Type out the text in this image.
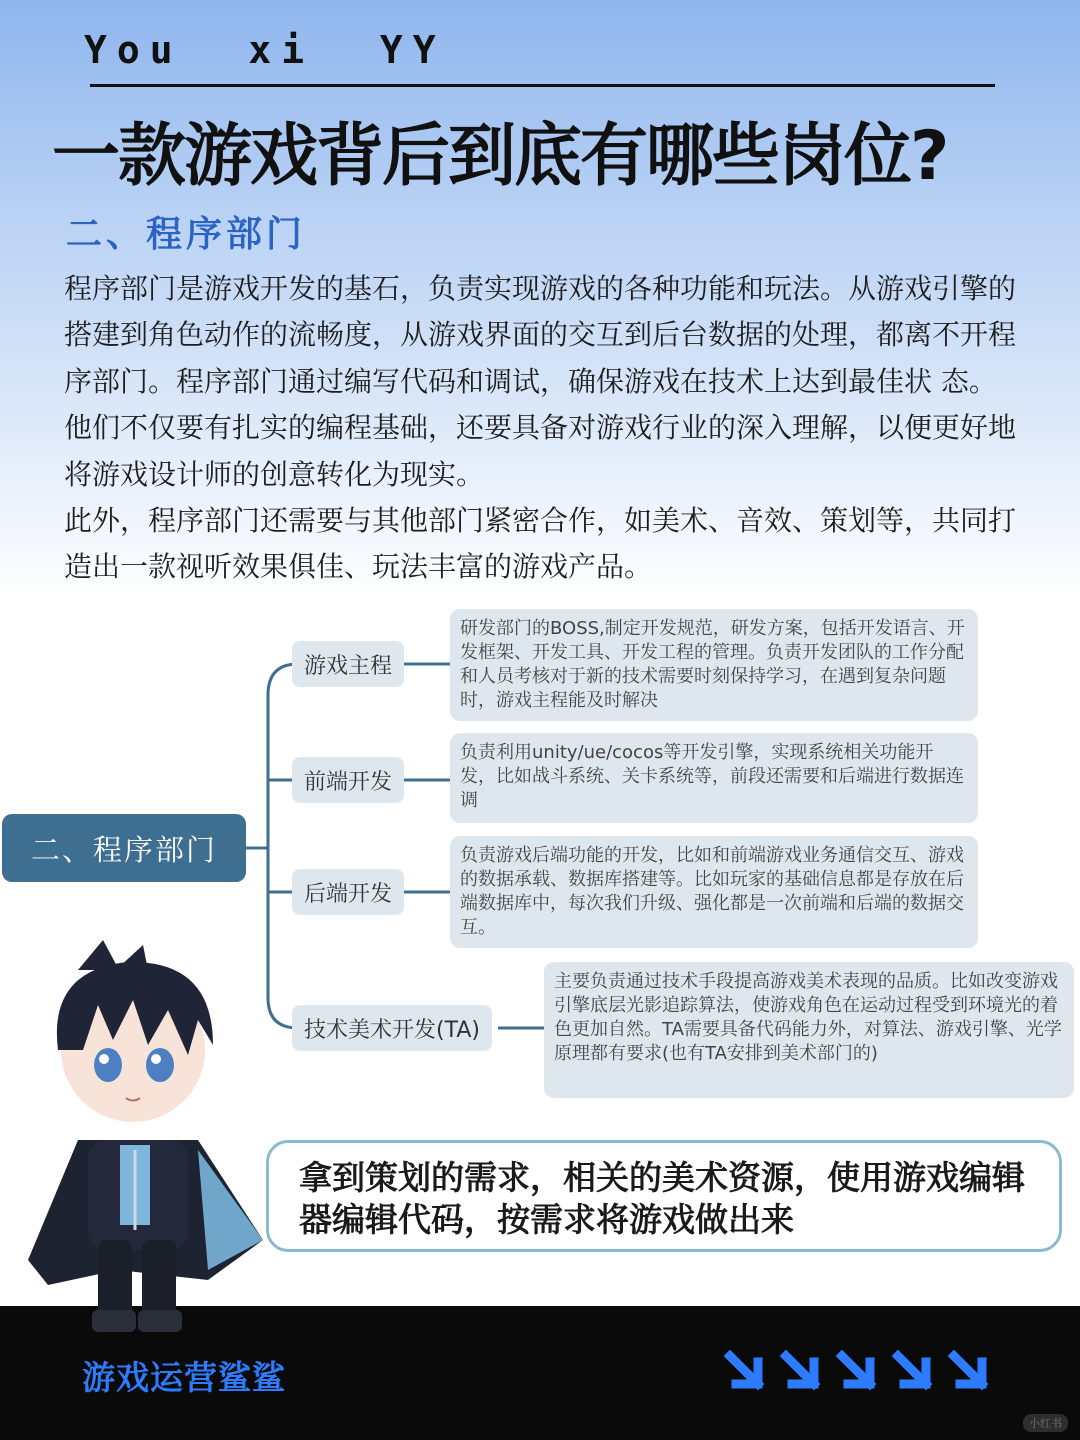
You  xi  YY
一款游戏背后到底有哪些岗位?
二、程序部门

程序部门是游戏开发的基石，负责实现游戏的各种功能和玩法。从游戏引擎的搭建到角色动作的流畅度，从游戏界面的交互到后台数据的处理，都离不开程序部门。程序部门通过编写代码和调试，确保游戏在技术上达到最佳状 态。他们不仅要有扎实的编程基础，还要具备对游戏行业的深入理解，以便更好地将游戏设计师的创意转化为现实。

此外，程序部门还需要与其他部门紧密合作，如美术、音效、策划等，共同打造出一款视听效果俱佳、玩法丰富的游戏产品。

二、程序部门
游戏主程
前端开发
后端开发
技术美术开发(TA)
研发部门的BOSS,制定开发规范，研发方案，包括开发语言、开发框架、开发工具、开发工程的管理。负责开发团队的工作分配和人员考核对于新的技术需要时刻保持学习，在遇到复杂问题时，游戏主程能及时解决
负责利用unity/ue/cocos等开发引擎，实现系统相关功能开发，比如战斗系统、关卡系统等，前段还需要和后端进行数据连调
负责游戏后端功能的开发，比如和前端游戏业务通信交互、游戏的数据承载、数据库搭建等。比如玩家的基础信息都是存放在后端数据库中，每次我们升级、强化都是一次前端和后端的数据交互。
主要负责通过技术手段提高游戏美术表现的品质。比如改变游戏引擎底层光影追踪算法，使游戏角色在运动过程受到环境光的着色更加自然。TA需要具备代码能力外，对算法、游戏引擎、光学原理都有要求(也有TA安排到美术部门的)
拿到策划的需求，相关的美术资源，使用游戏编辑器编辑代码，按需求将游戏做出来
游戏运营鲨鲨
小红书
